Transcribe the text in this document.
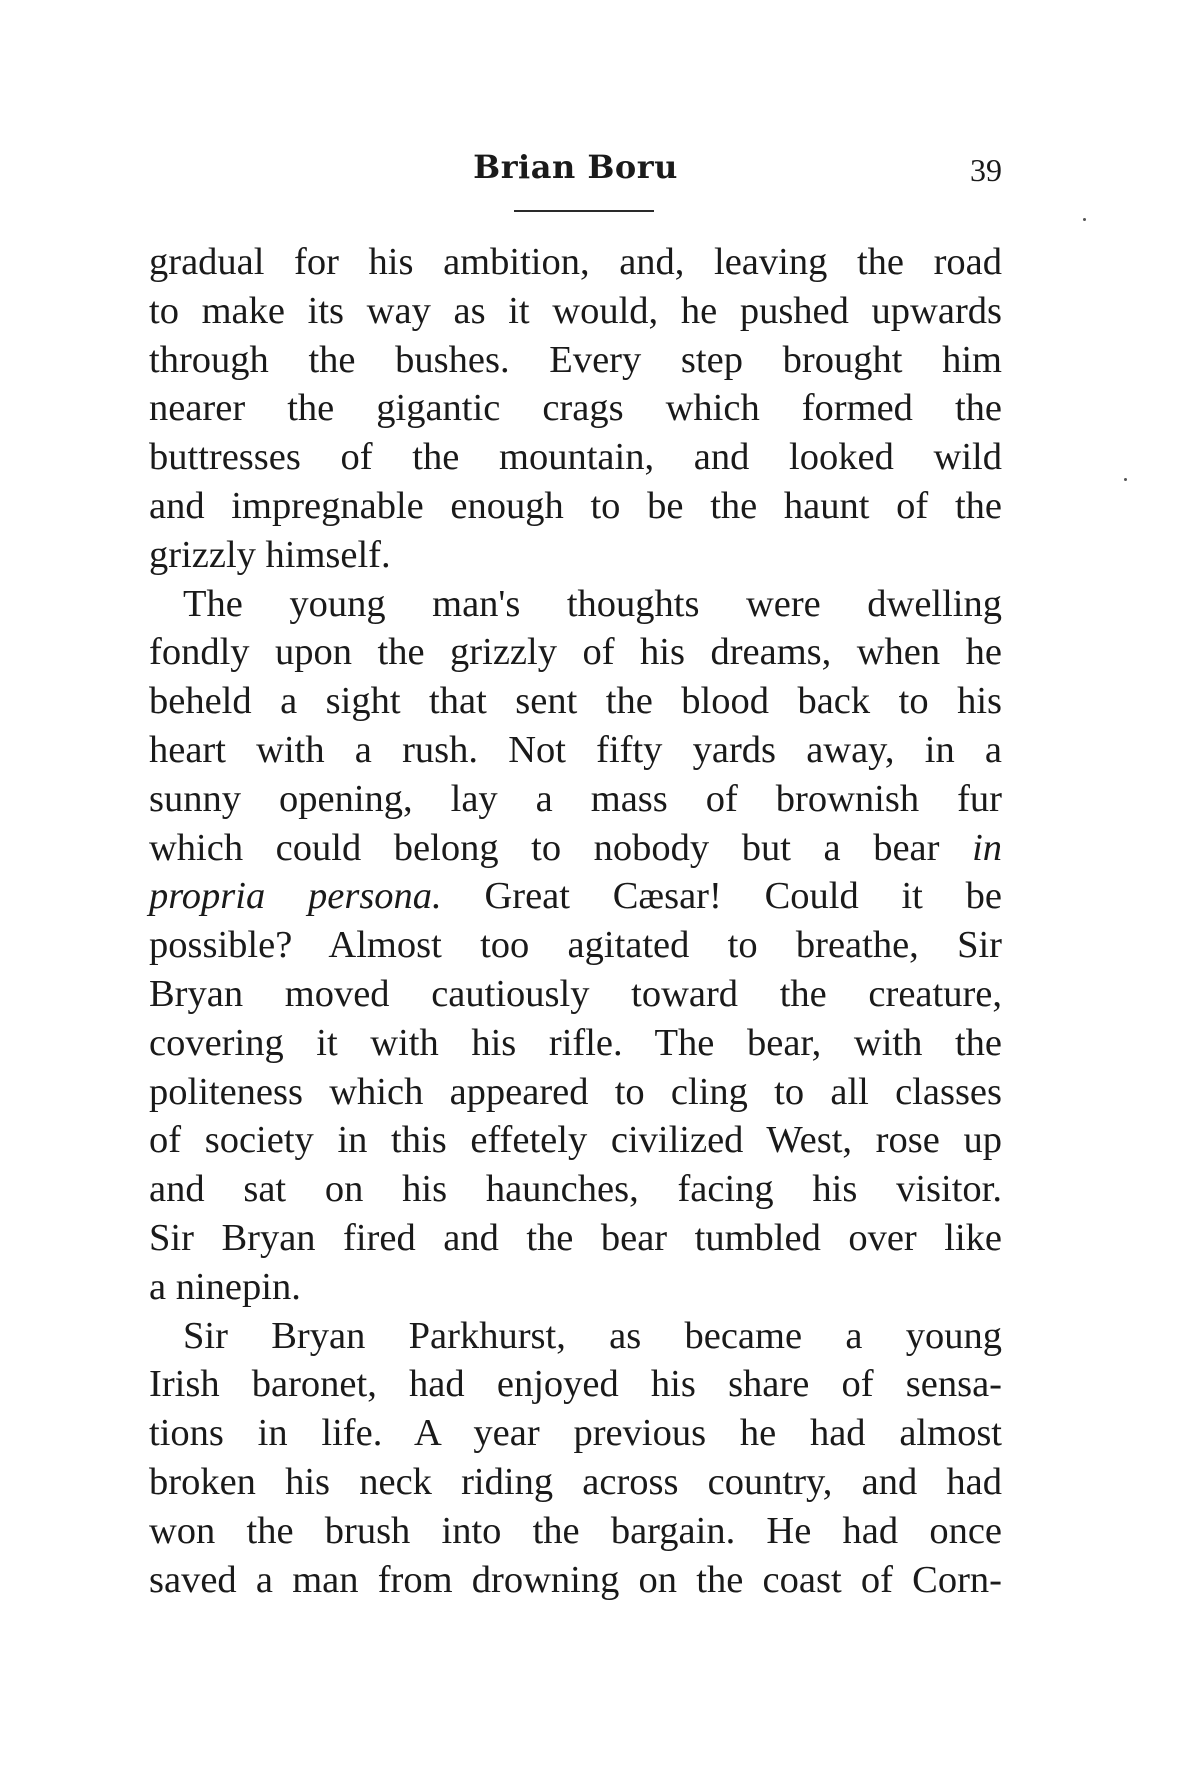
Brian Boru	39

gradual for his ambition, and, leaving the road
to make its way as it would, he pushed upwards
through the bushes. Every step brought him
nearer the gigantic crags which formed the
buttresses of the mountain, and looked wild
and impregnable enough to be the haunt of the
grizzly himself.

The young man's thoughts were dwelling
fondly upon the grizzly of his dreams, when he
beheld a sight that sent the blood back to his
heart with a rush. Not fifty yards away, in a
sunny opening, lay a mass of brownish fur
which could belong to nobody but a bear in
propria persona. Great Cæsar! Could it be
possible? Almost too agitated to breathe, Sir
Bryan moved cautiously toward the creature,
covering it with his rifle. The bear, with the
politeness which appeared to cling to all classes
of society in this effetely civilized West, rose up
and sat on his haunches, facing his visitor.
Sir Bryan fired and the bear tumbled over like
a ninepin.

Sir Bryan Parkhurst, as became a young
Irish baronet, had enjoyed his share of sensa-
tions in life. A year previous he had almost
broken his neck riding across country, and had
won the brush into the bargain. He had once
saved a man from drowning on the coast of Corn-
